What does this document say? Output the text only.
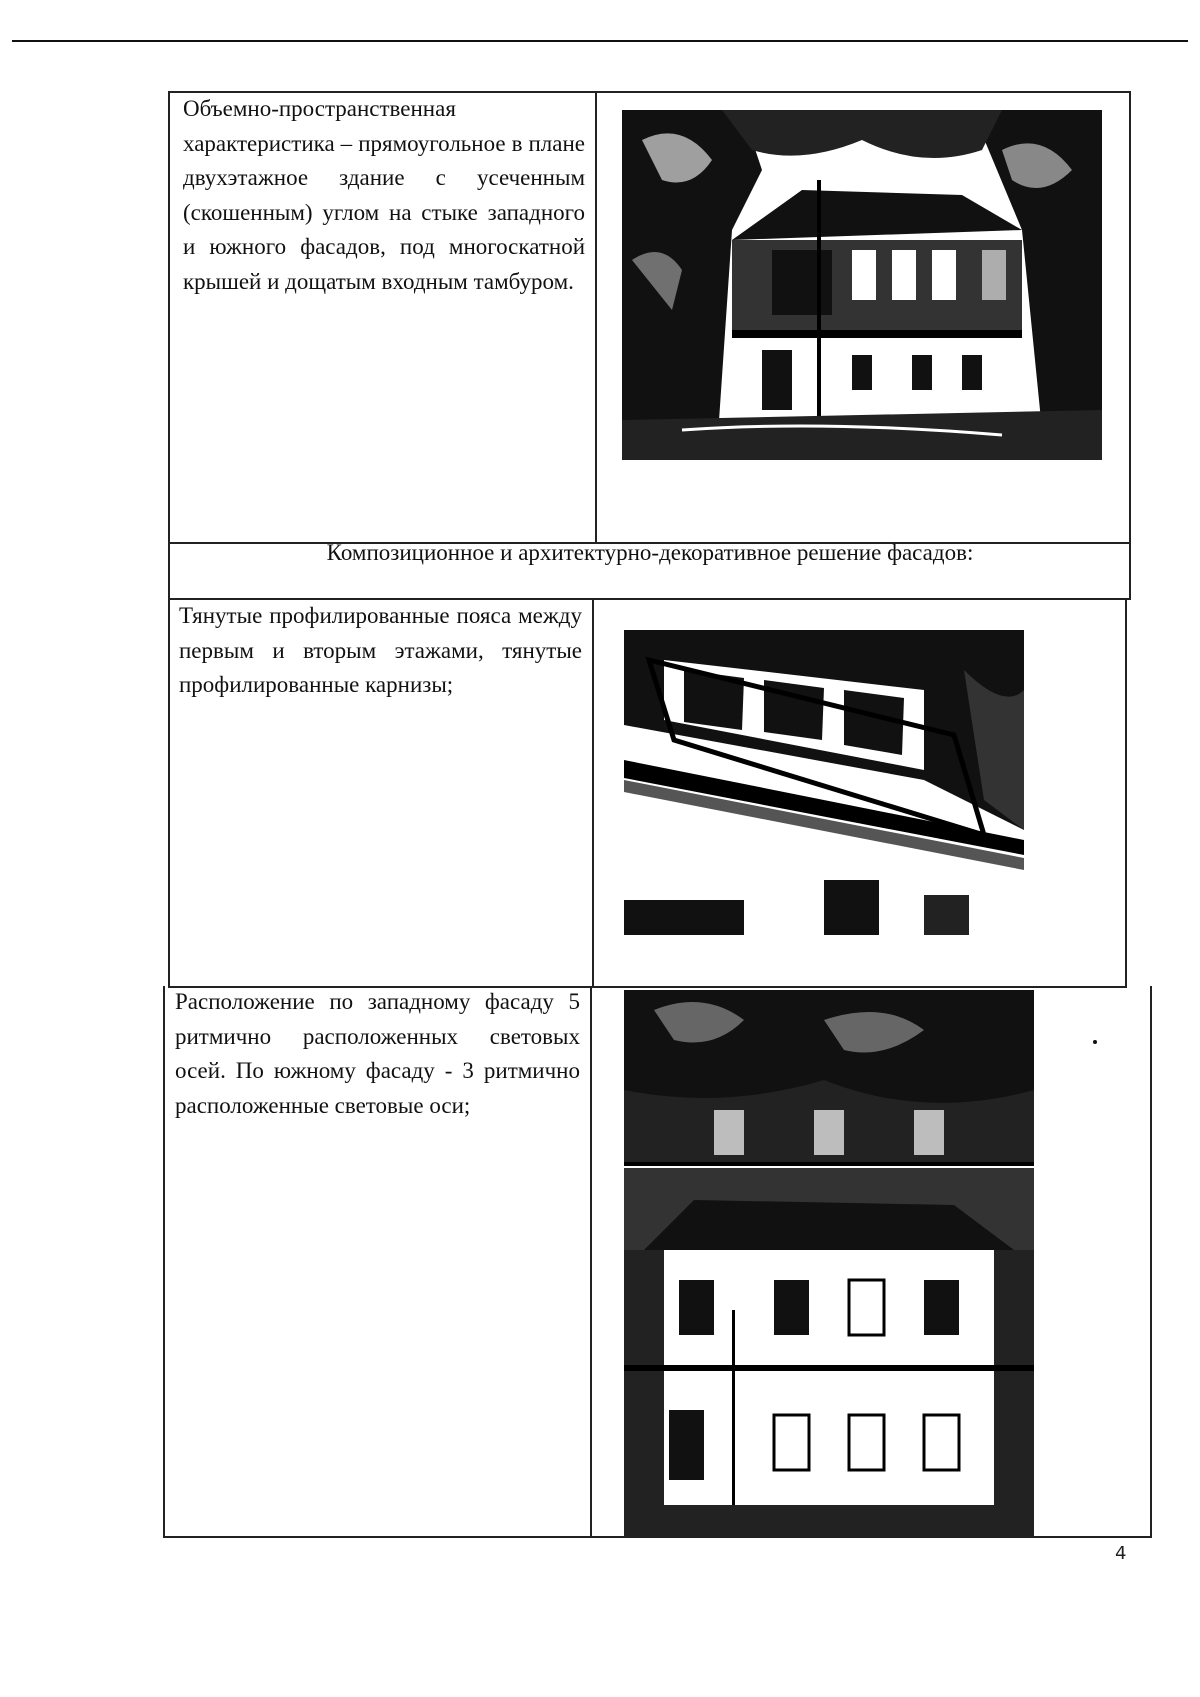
Объемно-пространственная характеристика – прямоугольное в плане двухэтажное здание с усеченным (скошенным) углом на стыке западного и южного фасадов, под многоскатной крышей и дощатым входным тамбуром.
Композиционное и архитектурно-декоративное решение фасадов:
Тянутые профилированные пояса между первым и вторым этажами, тянутые профилированные карнизы;
Расположение по западному фасаду 5 ритмично расположенных световых осей. По южному фасаду - 3 ритмично расположенные световые оси;
4
